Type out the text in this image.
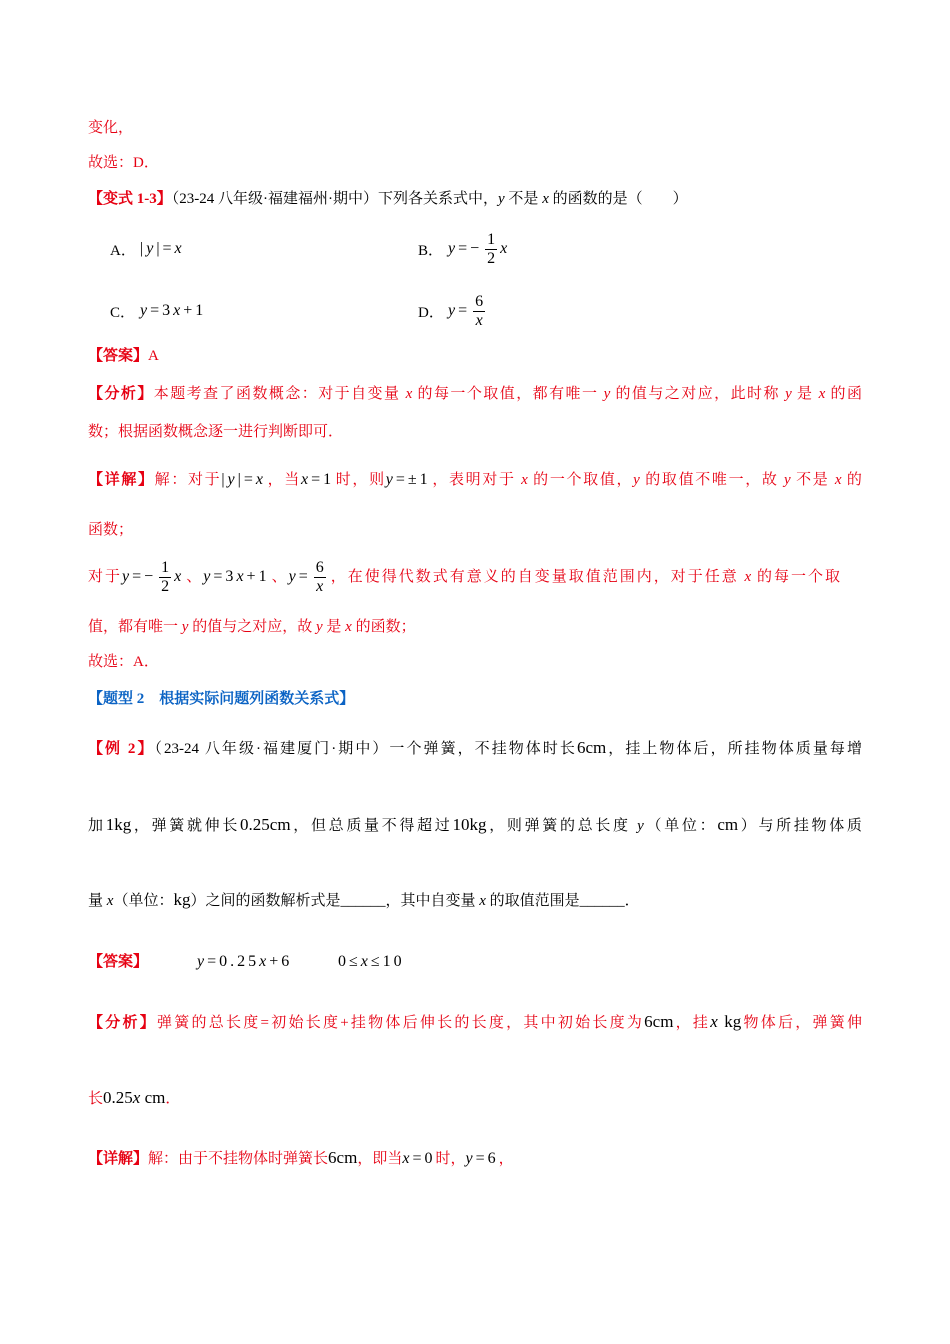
变化，
故选：D．
【变式 1-3】（23-24 八年级·福建福州·期中）下列各关系式中，y 不是 x 的函数的是（　　）
A． |y|=x	B． $y=- \frac{1}{2}$ x
C． y=3x+1	D． $y= \frac{6}{x}$
【答案】A
【分析】本题考查了函数概念：对于自变量 x 的每一个取值，都有唯一 y 的值与之对应，此时称 y 是 x 的函
数；根据函数概念逐一进行判断即可．
【详解】解：对于|y|=x，当x=1时，则y=±1，表明对于 x 的一个取值，y 的取值不唯一，故 y 不是 x 的
函数；
对于$y=- \frac{1}{2}$ x、y=3x+1、$y= \frac{6}{x}$ ，在使得代数式有意义的自变量取值范围内，对于任意 x 的每一个取
值，都有唯一 y 的值与之对应，故 y 是 x 的函数；
故选：A．
【题型 2　根据实际问题列函数关系式】
【例 2】（23-24 八年级·福建厦门·期中）一个弹簧，不挂物体时长6cm，挂上物体后，所挂物体质量每增
加1kg，弹簧就伸长0.25cm，但总质量不得超过10kg，则弹簧的总长度 y（单位：cm）与所挂物体质
量 x（单位：kg）之间的函数解析式是______，其中自变量 x 的取值范围是______．
【答案】	y=0.25x+6	0≤x≤10
【分析】弹簧的总长度=初始长度+挂物体后伸长的长度，其中初始长度为6cm，挂x kg物体后，弹簧伸
长0.25x cm．
【详解】解：由于不挂物体时弹簧长6cm，即当x=0时，y=6，
